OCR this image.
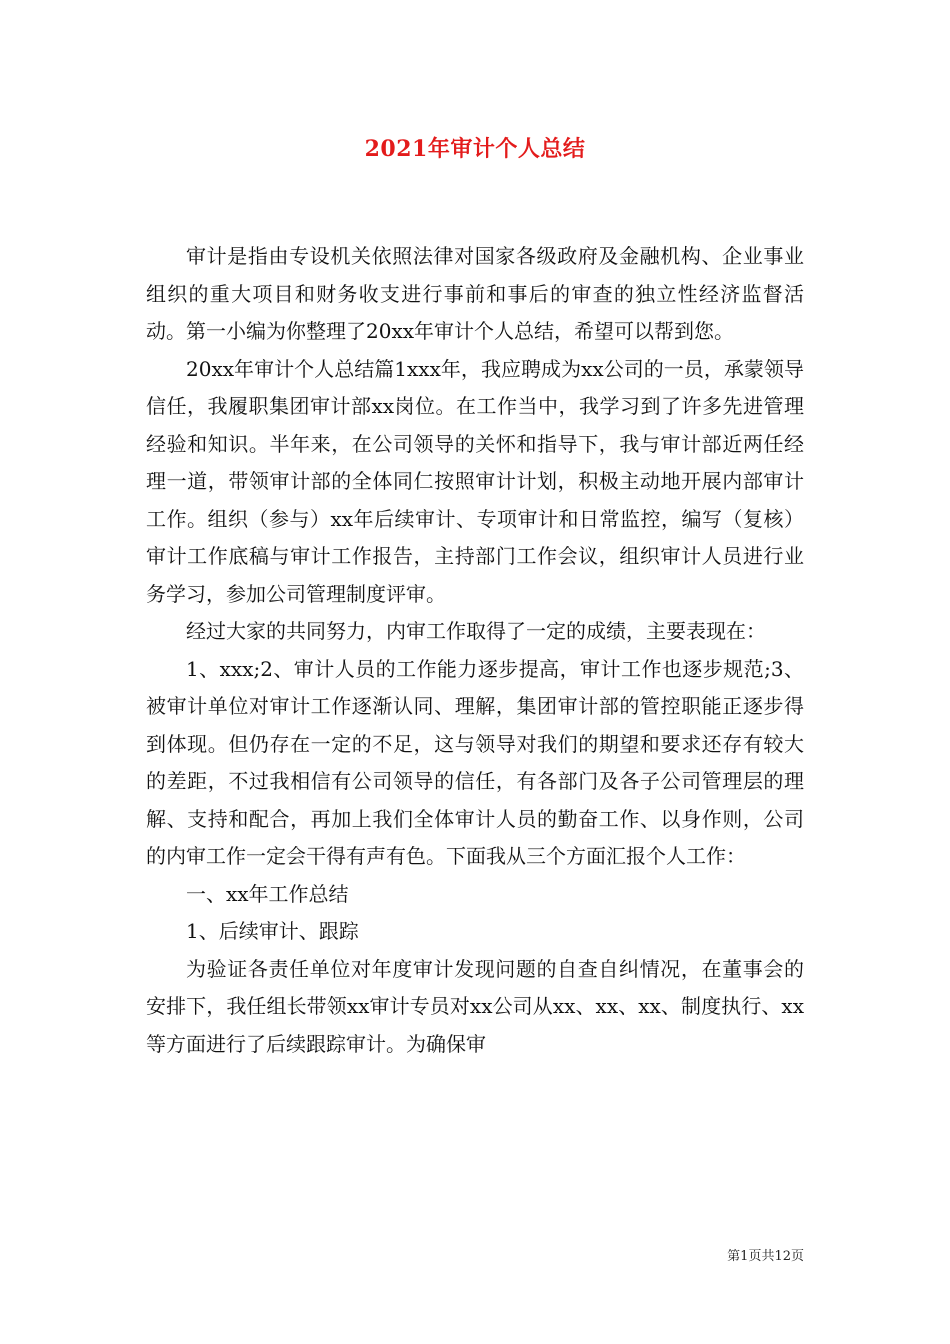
2021年审计个人总结

审计是指由专设机关依照法律对国家各级政府及金融机构、企业事业组织的重大项目和财务收支进行事前和事后的审查的独立性经济监督活动。第一小编为你整理了20xx年审计个人总结，希望可以帮到您。

20xx年审计个人总结篇1xxx年，我应聘成为xx公司的一员，承蒙领导信任，我履职集团审计部xx岗位。在工作当中，我学习到了许多先进管理经验和知识。半年来，在公司领导的关怀和指导下，我与审计部近两任经理一道，带领审计部的全体同仁按照审计计划，积极主动地开展内部审计工作。组织（参与）xx年后续审计、专项审计和日常监控，编写（复核）审计工作底稿与审计工作报告，主持部门工作会议，组织审计人员进行业务学习，参加公司管理制度评审。

经过大家的共同努力，内审工作取得了一定的成绩，主要表现在：

1、xxx;2、审计人员的工作能力逐步提高，审计工作也逐步规范;3、被审计单位对审计工作逐渐认同、理解，集团审计部的管控职能正逐步得到体现。但仍存在一定的不足，这与领导对我们的期望和要求还存有较大的差距，不过我相信有公司领导的信任，有各部门及各子公司管理层的理解、支持和配合，再加上我们全体审计人员的勤奋工作、以身作则，公司的内审工作一定会干得有声有色。下面我从三个方面汇报个人工作：

一、xx年工作总结

1、后续审计、跟踪

为验证各责任单位对年度审计发现问题的自查自纠情况，在董事会的安排下，我任组长带领xx审计专员对xx公司从xx、xx、xx、制度执行、xx等方面进行了后续跟踪审计。为确保审

第1页共12页
